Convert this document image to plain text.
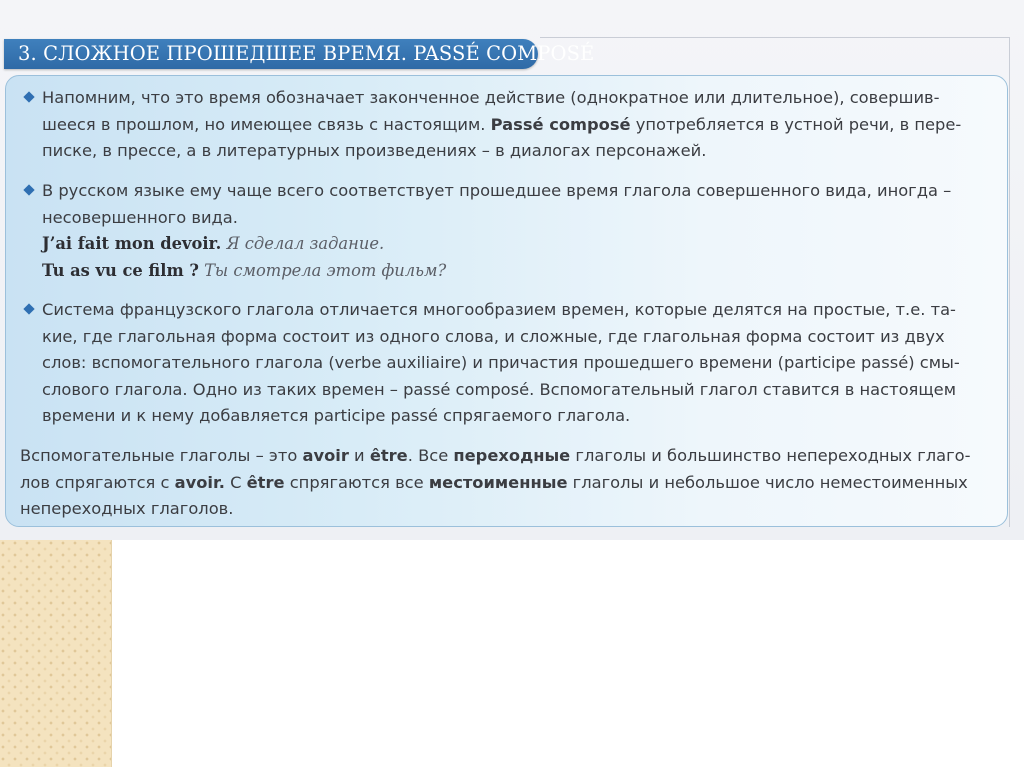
3. СЛОЖНОЕ ПРОШЕДШЕЕ ВРЕМЯ. PASSÉ COMPOSÉ
Напомним, что это время обозначает законченное действие (однократное или длительное), совершив-
шееся в прошлом, но имеющее связь с настоящим. Passé composé употребляется в устной речи, в пере-
писке, в прессе, а в литературных произведениях – в диалогах персонажей.
В русском языке ему чаще всего соответствует прошедшее время глагола совершенного вида, иногда –
несовершенного вида.
J’ai fait mon devoir. Я сделал задание.
Tu as vu ce film ? Ты смотрела этот фильм?
Система французского глагола отличается многообразием времен, которые делятся на простые, т.е. та-
кие, где глагольная форма состоит из одного слова, и сложные, где глагольная форма состоит из двух
слов: вспомогательного глагола (verbe auxiliaire) и причастия прошедшего времени (participe passé) смы-
слового глагола. Одно из таких времен – passé composé. Вспомогательный глагол ставится в настоящем
времени и к нему добавляется participe passé спрягаемого глагола.
Вспомогательные глаголы – это avoir и être. Все переходные глаголы и большинство непереходных глаго-
лов спрягаются с avoir. С être спрягаются все местоименные глаголы и небольшое число неместоименных
непереходных глаголов.
